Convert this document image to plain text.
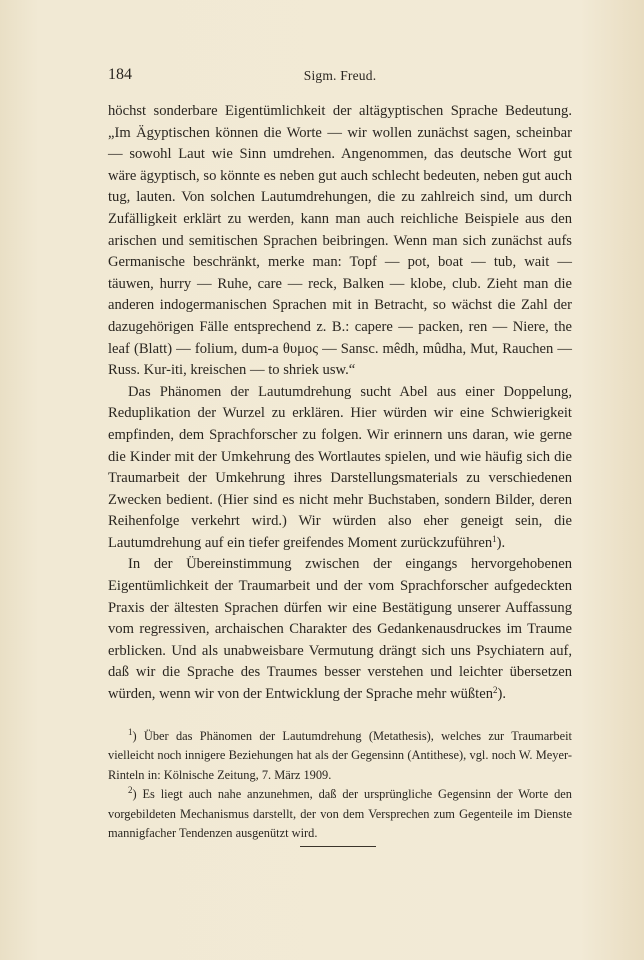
184	Sigm. Freud.

höchst sonderbare Eigentümlichkeit der altägyptischen Sprache Bedeutung. „Im Ägyptischen können die Worte — wir wollen zunächst sagen, scheinbar — sowohl Laut wie Sinn umdrehen. Angenommen, das deutsche Wort gut wäre ägyptisch, so könnte es neben gut auch schlecht bedeuten, neben gut auch tug, lauten. Von solchen Lautumdrehungen, die zu zahlreich sind, um durch Zufälligkeit erklärt zu werden, kann man auch reichliche Beispiele aus den arischen und semitischen Sprachen beibringen. Wenn man sich zunächst aufs Germanische beschränkt, merke man: Topf — pot, boat — tub, wait — täuwen, hurry — Ruhe, care — reck, Balken — klobe, club. Zieht man die anderen indogermanischen Sprachen mit in Betracht, so wächst die Zahl der dazugehörigen Fälle entsprechend z. B.: capere — packen, ren — Niere, the leaf (Blatt) — folium, dum-a θυμος — Sansc. mêdh, mûdha, Mut, Rauchen — Russ. Kur-iti, kreischen — to shriek usw.“

Das Phänomen der Lautumdrehung sucht Abel aus einer Doppelung, Reduplikation der Wurzel zu erklären. Hier würden wir eine Schwierigkeit empfinden, dem Sprachforscher zu folgen. Wir erinnern uns daran, wie gerne die Kinder mit der Umkehrung des Wortlautes spielen, und wie häufig sich die Traumarbeit der Umkehrung ihres Darstellungsmaterials zu verschiedenen Zwecken bedient. (Hier sind es nicht mehr Buchstaben, sondern Bilder, deren Reihenfolge verkehrt wird.) Wir würden also eher geneigt sein, die Lautumdrehung auf ein tiefer greifendes Moment zurückzuführen$^1$).

In der Übereinstimmung zwischen der eingangs hervorgehobenen Eigentümlichkeit der Traumarbeit und der vom Sprachforscher aufgedeckten Praxis der ältesten Sprachen dürfen wir eine Bestätigung unserer Auffassung vom regressiven, archaischen Charakter des Gedankenausdruckes im Traume erblicken. Und als unabweisbare Vermutung drängt sich uns Psychiatern auf, daß wir die Sprache des Traumes besser verstehen und leichter übersetzen würden, wenn wir von der Entwicklung der Sprache mehr wüßten$^2$).

$^1$) Über das Phänomen der Lautumdrehung (Metathesis), welches zur Traumarbeit vielleicht noch innigere Beziehungen hat als der Gegensinn (Antithese), vgl. noch W. Meyer-Rinteln in: Kölnische Zeitung, 7. März 1909.

$^2$) Es liegt auch nahe anzunehmen, daß der ursprüngliche Gegensinn der Worte den vorgebildeten Mechanismus darstellt, der von dem Versprechen zum Gegenteile im Dienste mannigfacher Tendenzen ausgenützt wird.
